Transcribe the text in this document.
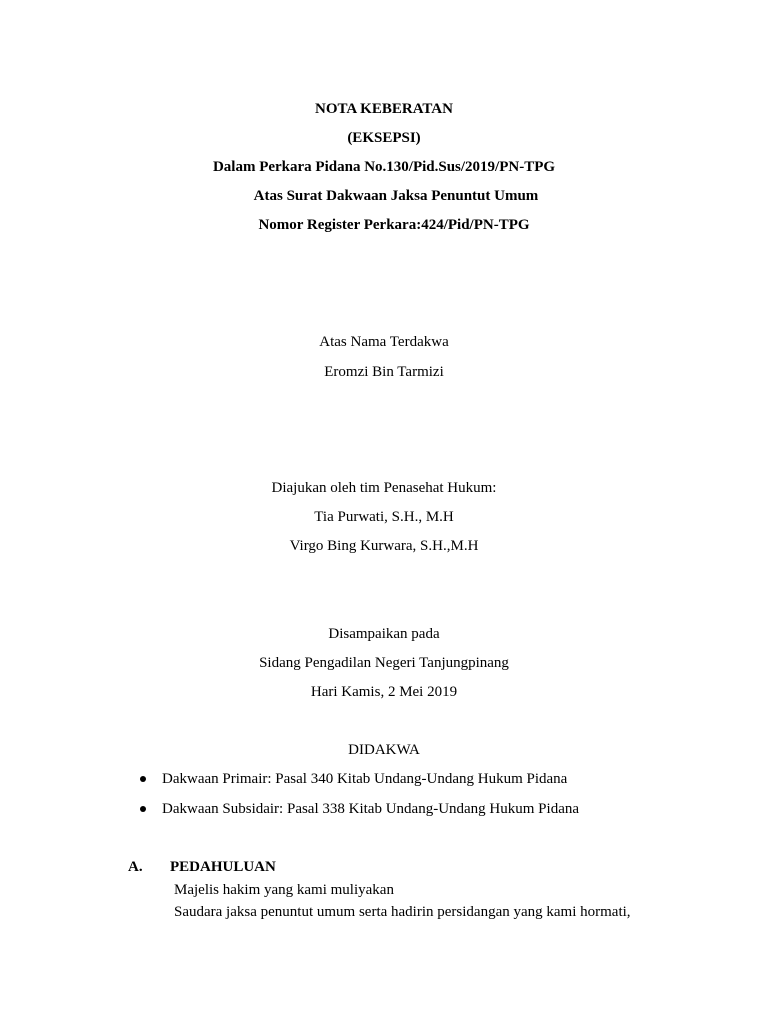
NOTA KEBERATAN
(EKSEPSI)
Dalam Perkara Pidana No.130/Pid.Sus/2019/PN-TPG
Atas Surat Dakwaan Jaksa Penuntut Umum
Nomor Register Perkara:424/Pid/PN-TPG
Atas Nama Terdakwa
Eromzi Bin Tarmizi
Diajukan oleh tim Penasehat Hukum:
Tia Purwati, S.H., M.H
Virgo Bing Kurwara, S.H.,M.H
Disampaikan pada
Sidang Pengadilan Negeri Tanjungpinang
Hari Kamis, 2 Mei 2019
DIDAKWA
Dakwaan Primair: Pasal 340 Kitab Undang-Undang Hukum Pidana
Dakwaan Subsidair: Pasal 338 Kitab Undang-Undang Hukum Pidana
A. PEDAHULUAN
Majelis hakim yang kami muliyakan
Saudara jaksa penuntut umum serta hadirin persidangan yang kami hormati,
